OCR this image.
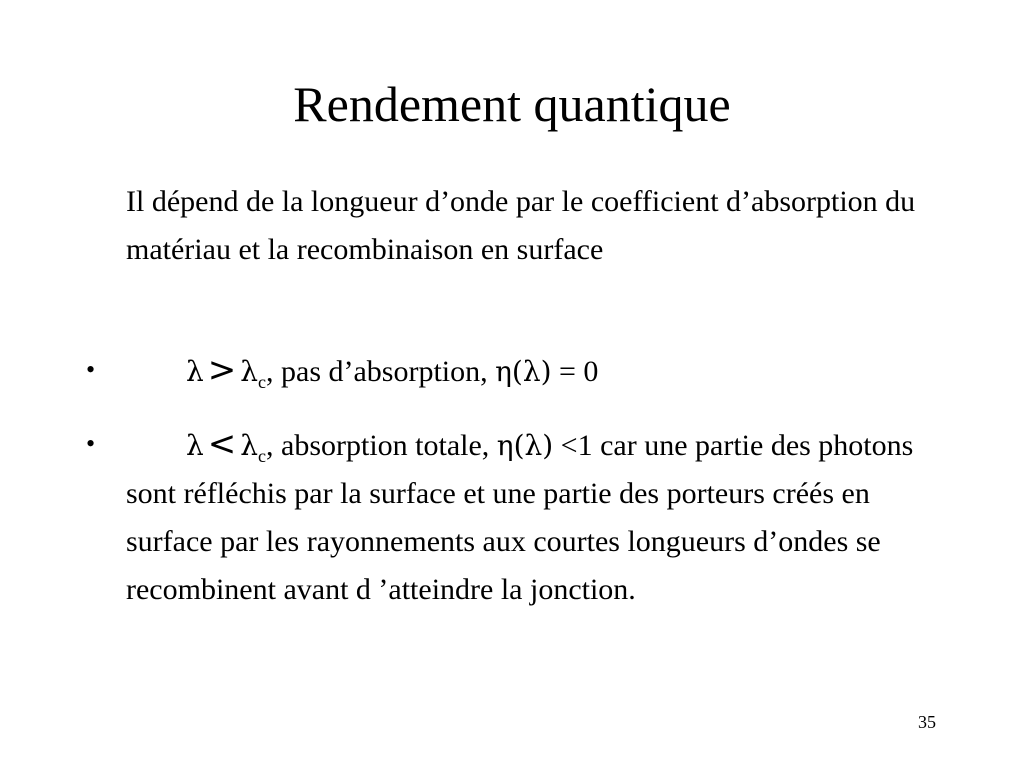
Rendement quantique
Il dépend de la longueur d’onde par le coefficient d’absorption du matériau et la recombinaison en surface
•	$\lambda > \lambda_c$, pas d’absorption, η(λ) = 0
•	$\lambda < \lambda_c$, absorption totale, η(λ) <1 car une partie des photons sont réfléchis par la surface et une partie des porteurs créés en surface par les rayonnements aux courtes longueurs d’ondes se recombinent avant d ’atteindre la jonction.
35
